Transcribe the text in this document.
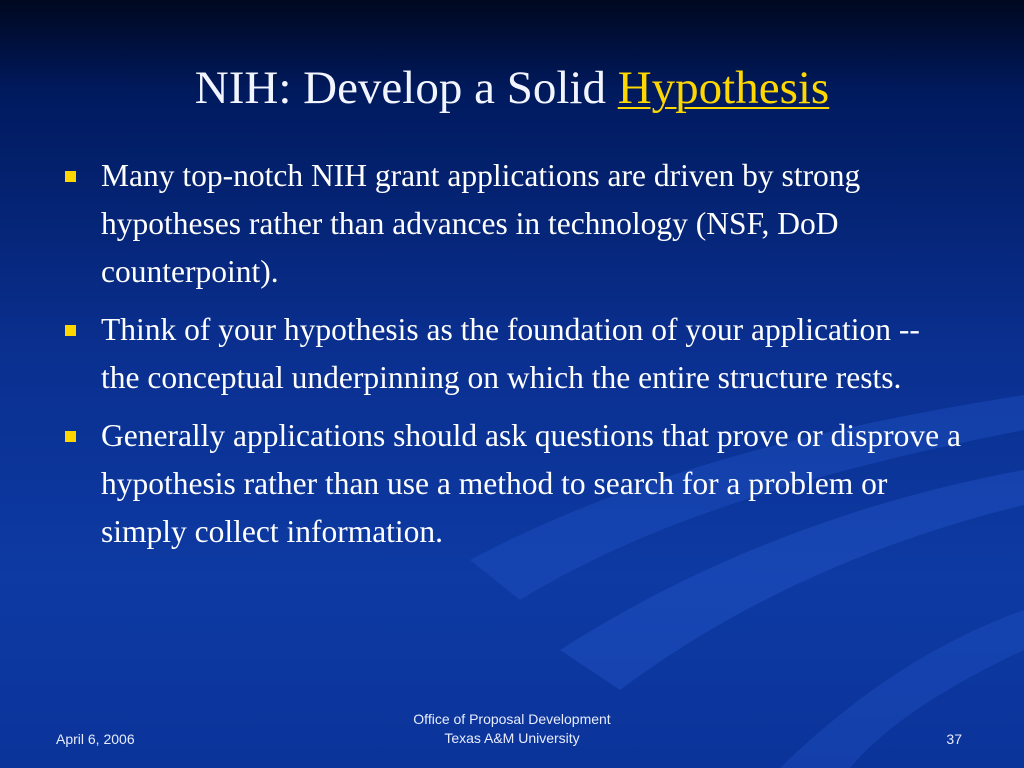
NIH: Develop a Solid Hypothesis
Many top-notch NIH grant applications are driven by strong hypotheses rather than advances in technology (NSF, DoD counterpoint).
Think of your hypothesis as the foundation of your application -- the conceptual underpinning on which the entire structure rests.
Generally applications should ask questions that prove or disprove a hypothesis rather than use a method to search for a problem or simply collect information.
April 6, 2006
Office of Proposal Development
Texas A&M University	37
